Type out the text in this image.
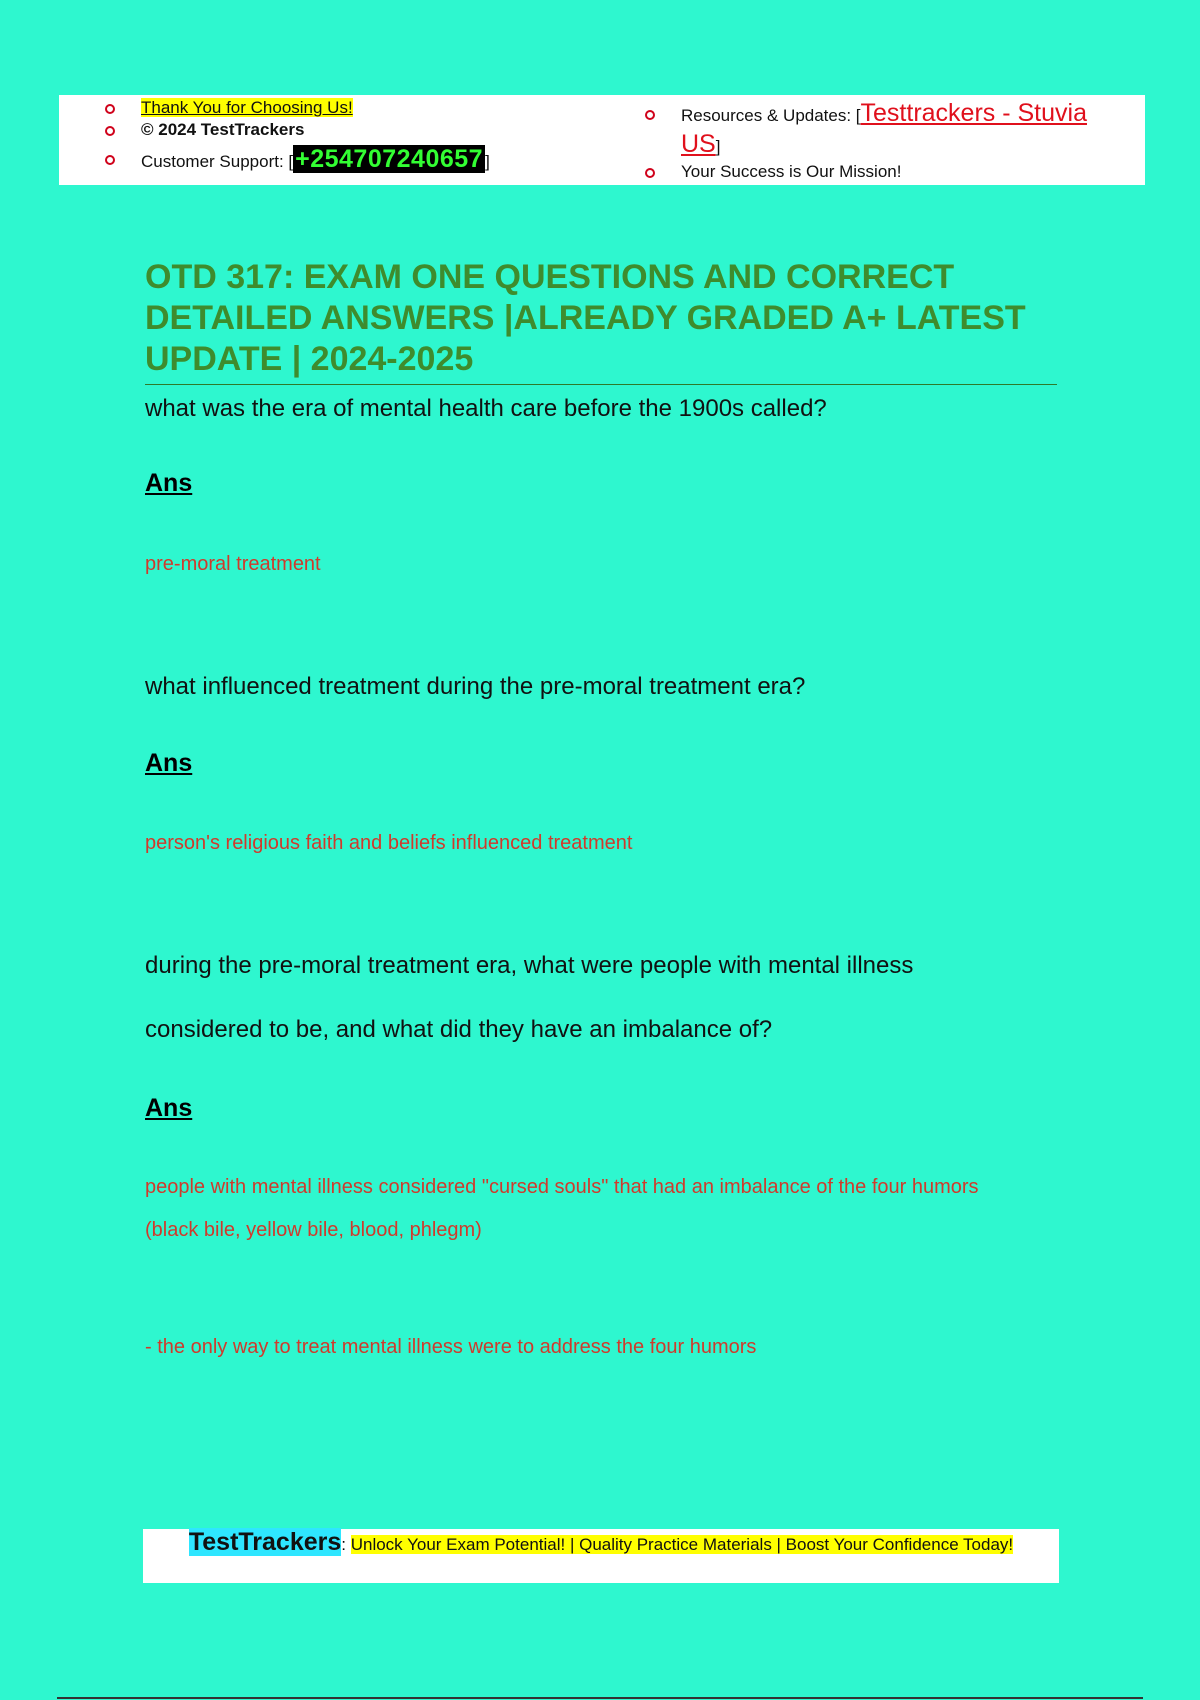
Thank You for Choosing Us!
© 2024 TestTrackers
Customer Support: [+254707240657 ]
Resources & Updates: [Testtrackers - Stuvia US]
Your Success is Our Mission!
OTD 317: EXAM ONE QUESTIONS AND CORRECT DETAILED ANSWERS |ALREADY GRADED A+ LATEST UPDATE | 2024-2025
what was the era of mental health care before the 1900s called?
Ans
pre-moral treatment
what influenced treatment during the pre-moral treatment era?
Ans
person's religious faith and beliefs influenced treatment
during the pre-moral treatment era, what were people with mental illness considered to be, and what did they have an imbalance of?
Ans
people with mental illness considered "cursed souls" that had an imbalance of the four humors (black bile, yellow bile, blood, phlegm)
- the only way to treat mental illness were to address the four humors
TestTrackers: Unlock Your Exam Potential! | Quality Practice Materials | Boost Your Confidence Today!
